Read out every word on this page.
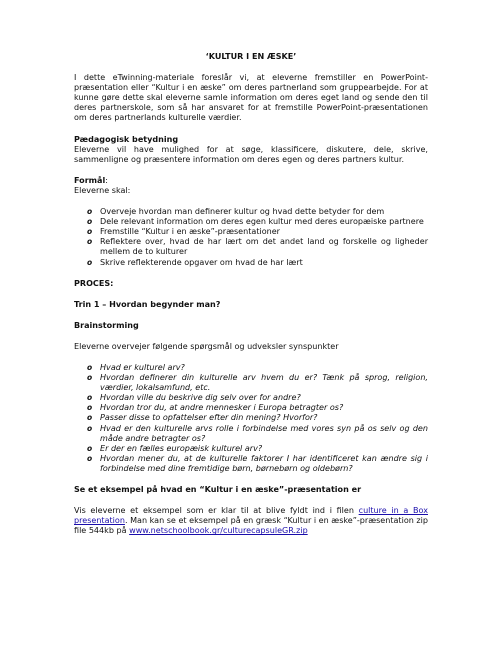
‘KULTUR I EN ÆSKE’

I dette eTwinning-materiale foreslår vi, at eleverne fremstiller en PowerPoint-præsentation eller “Kultur i en æske” om deres partnerland som gruppearbejde. For at kunne gøre dette skal eleverne samle information om deres eget land og sende den til deres partnerskole, som så har ansvaret for at fremstille PowerPoint-præsentationen om deres partnerlands kulturelle værdier.

Pædagogisk betydning

Eleverne vil have mulighed for at søge, klassificere, diskutere, dele, skrive, sammenligne og præsentere information om deres egen og deres partners kultur.

Formål:

Eleverne skal:

o Overveje hvordan man definerer kultur og hvad dette betyder for dem
o Dele relevant information om deres egen kultur med deres europæiske partnere
o Fremstille “Kultur i en æske”-præsentationer
o Reflektere over, hvad de har lært om det andet land og forskelle og ligheder mellem de to kulturer
o Skrive reflekterende opgaver om hvad de har lært

PROCES:

Trin 1 – Hvordan begynder man?

Brainstorming

Eleverne overvejer følgende spørgsmål og udveksler synspunkter

o Hvad er kulturel arv?
o Hvordan definerer din kulturelle arv hvem du er? Tænk på sprog, religion, værdier, lokalsamfund, etc.
o Hvordan ville du beskrive dig selv over for andre?
o Hvordan tror du, at andre mennesker i Europa betragter os?
o Passer disse to opfattelser efter din mening? Hvorfor?
o Hvad er den kulturelle arvs rolle i forbindelse med vores syn på os selv og den måde andre betragter os?
o Er der en fælles europæisk kulturel arv?
o Hvordan mener du, at de kulturelle faktorer I har identificeret kan ændre sig i forbindelse med dine fremtidige børn, børnebørn og oldebørn?

Se et eksempel på hvad en “Kultur i en æske”-præsentation er

Vis eleverne et eksempel som er klar til at blive fyldt ind i filen culture in a Box presentation. Man kan se et eksempel på en græsk “Kultur i en æske”-præsentation zip file 544kb på www.netschoolbook.gr/culturecapsuleGR.zip
